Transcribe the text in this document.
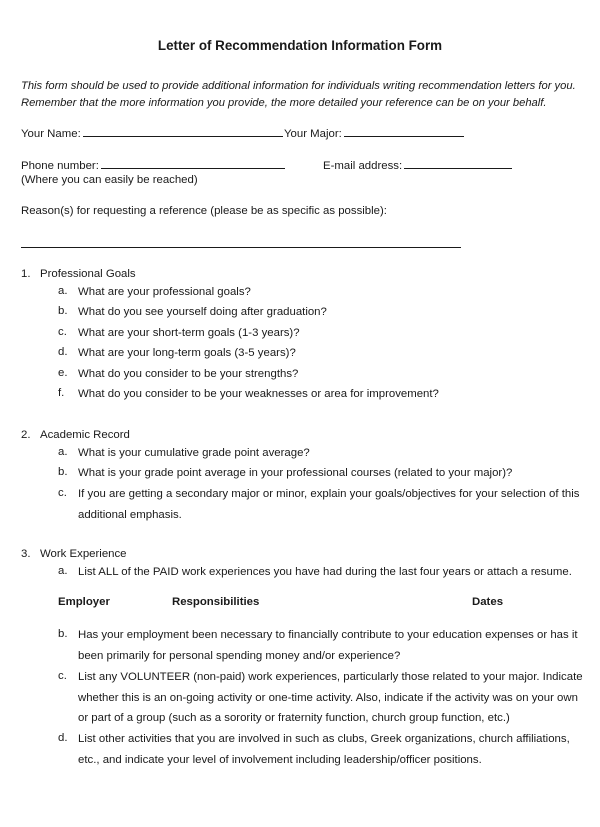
Letter of Recommendation Information Form
This form should be used to provide additional information for individuals writing recommendation letters for you. Remember that the more information you provide, the more detailed your reference can be on your behalf.
Your Name:	Your Major:
Phone number:	E-mail address:
(Where you can easily be reached)
Reason(s) for requesting a reference (please be as specific as possible):
1. Professional Goals
a. What are your professional goals?
b. What do you see yourself doing after graduation?
c. What are your short-term goals (1-3 years)?
d. What are your long-term goals (3-5 years)?
e. What do you consider to be your strengths?
f. What do you consider to be your weaknesses or area for improvement?
2. Academic Record
a. What is your cumulative grade point average?
b. What is your grade point average in your professional courses (related to your major)?
c. If you are getting a secondary major or minor, explain your goals/objectives for your selection of this additional emphasis.
3. Work Experience
a. List ALL of the PAID work experiences you have had during the last four years or attach a resume.
Employer	Responsibilities	Dates
b. Has your employment been necessary to financially contribute to your education expenses or has it been primarily for personal spending money and/or experience?
c. List any VOLUNTEER (non-paid) work experiences, particularly those related to your major. Indicate whether this is an on-going activity or one-time activity. Also, indicate if the activity was on your own or part of a group (such as a sorority or fraternity function, church group function, etc.)
d. List other activities that you are involved in such as clubs, Greek organizations, church affiliations, etc., and indicate your level of involvement including leadership/officer positions.
